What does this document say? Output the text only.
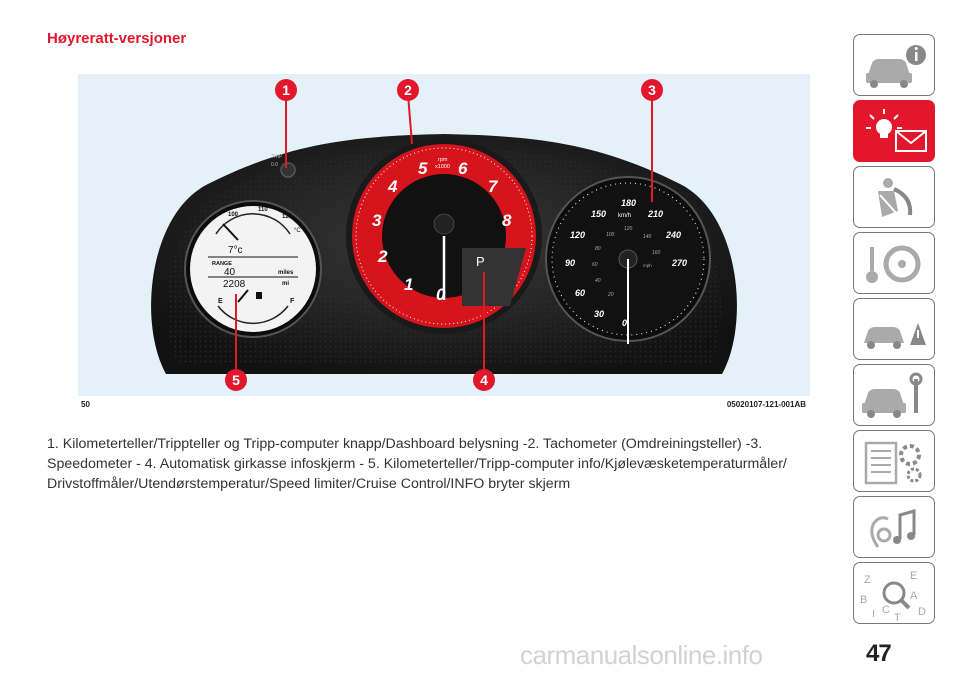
Høyreratt-versjoner
TRIP
0.0
100
110
120
°C
7°c
RANGE
40	miles
2208	mi
E	F	0
1
2
3
4
5 6
7
8
rpm
x1000
P
0
30
60
90
120
150
180
210
240
270
km/h
20
40
60
80
100
120
140
160
mph
1	2	3
4
5
50	05020107-121-001AB

1. Kilometerteller/Trippteller og Tripp-computer knapp/Dashboard belysning -2. Tachometer (Omdreiningsteller) -3. Speedometer - 4. Automatisk girkasse infoskjerm - 5. Kilometerteller/Tripp-computer info/Kjølevæsketemperaturmåler/ Drivstoffmåler/Utendørstemperatur/Speed limiter/Cruise Control/INFO bryter skjerm

Z	E
B	A
I C
T D
carmanualsonline.info	47
